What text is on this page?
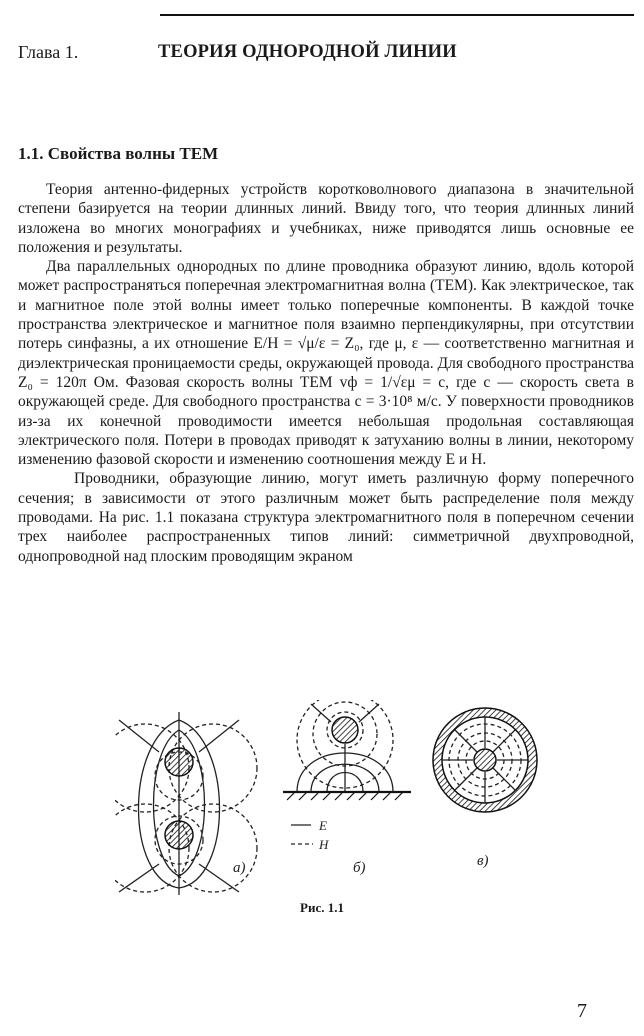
Глава 1.	ТЕОРИЯ ОДНОРОДНОЙ ЛИНИИ
1.1. Свойства волны ТЕМ

Теория антенно-фидерных устройств коротковолнового диапазона в значительной степени базируется на теории длинных линий. Ввиду того, что теория длинных линий изложена во многих монографиях и учебниках, ниже приводятся лишь основные ее положения и результаты.

Два параллельных однородных по длине проводника образуют линию, вдоль которой может распространяться поперечная электромагнитная волна (ТЕМ). Как электрическое, так и магнитное поле этой волны имеет только поперечные компоненты. В каждой точке пространства электрическое и магнитное поля взаимно перпендикулярны, при отсутствии потерь синфазны, а их отношение E/H = √μ/ε = Z₀, где μ, ε — соответственно магнитная и диэлектрическая проницаемости среды, окружающей провода. Для свободного пространства Z₀ = 120π Ом. Фазовая скорость волны ТЕМ vф = 1/√εμ = c, где c — скорость света в окружающей среде. Для свободного пространства c = 3·10⁸ м/с. У поверхности проводников из-за их конечной проводимости имеется небольшая продольная составляющая электрического поля. Потери в проводах приводят к затуханию волны в линии, некоторому изменению фазовой скорости и изменению соотношения между E и H.

Проводники, образующие линию, могут иметь различную форму поперечного сечения; в зависимости от этого различным может быть распределение поля между проводами. На рис. 1.1 показана структура электромагнитного поля в поперечном сечении трех наиболее распространенных типов линий: симметричной двухпроводной, однопроводной над плоским проводящим экраном

а)
E
H
б)	в)
Рис. 1.1
7
